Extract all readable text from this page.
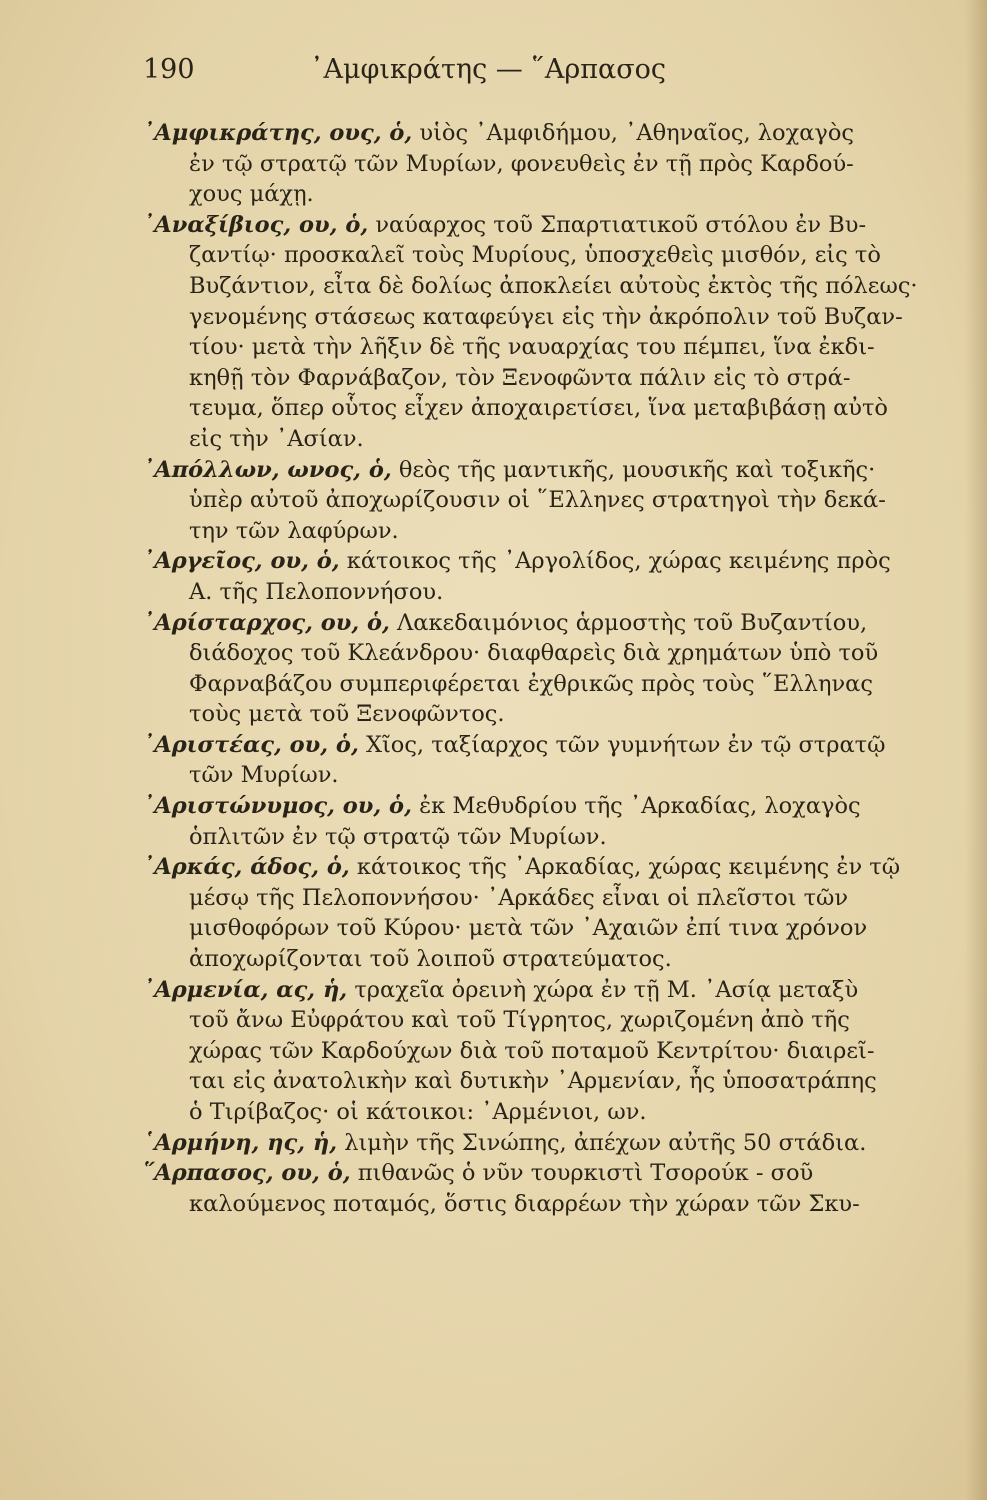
190	᾿Αμφικράτης — ῞Αρπασος
᾿Αμφικράτης, ους, ὁ, υἱὸς ᾿Αμφιδήμου, ᾿Αθηναῖος, λοχαγὸς
ἐν τῷ στρατῷ τῶν Μυρίων, φονευθεὶς ἐν τῇ πρὸς Καρδού-
χους μάχῃ.
᾿Αναξίβιος, ου, ὁ, ναύαρχος τοῦ Σπαρτιατικοῦ στόλου ἐν Βυ-
ζαντίῳ· προσκαλεῖ τοὺς Μυρίους, ὑποσχεθεὶς μισθόν, εἰς τὸ
Βυζάντιον, εἶτα δὲ δολίως ἀποκλείει αὐτοὺς ἐκτὸς τῆς πόλεως·
γενομένης στάσεως καταφεύγει εἰς τὴν ἀκρόπολιν τοῦ Βυζαν-
τίου· μετὰ τὴν λῆξιν δὲ τῆς ναυαρχίας του πέμπει, ἵνα ἐκδι-
κηθῇ τὸν Φαρνάβαζον, τὸν Ξενοφῶντα πάλιν εἰς τὸ στρά-
τευμα, ὅπερ οὗτος εἶχεν ἀποχαιρετίσει, ἵνα μεταβιβάσῃ αὐτὸ
εἰς τὴν ᾿Ασίαν.
᾿Απόλλων, ωνος, ὁ, θεὸς τῆς μαντικῆς, μουσικῆς καὶ τοξικῆς·
ὑπὲρ αὐτοῦ ἀποχωρίζουσιν οἱ ῞Ελληνες στρατηγοὶ τὴν δεκά-
την τῶν λαφύρων.
᾿Αργεῖος, ου, ὁ, κάτοικος τῆς ᾿Αργολίδος, χώρας κειμένης πρὸς
Α. τῆς Πελοποννήσου.
᾿Αρίσταρχος, ου, ὁ, Λακεδαιμόνιος ἁρμοστὴς τοῦ Βυζαντίου,
διάδοχος τοῦ Κλεάνδρου· διαφθαρεὶς διὰ χρημάτων ὑπὸ τοῦ
Φαρναβάζου συμπεριφέρεται ἐχθρικῶς πρὸς τοὺς ῞Ελληνας
τοὺς μετὰ τοῦ Ξενοφῶντος.
᾿Αριστέας, ου, ὁ, Χῖος, ταξίαρχος τῶν γυμνήτων ἐν τῷ στρατῷ
τῶν Μυρίων.
᾿Αριστώνυμος, ου, ὁ, ἐκ Μεθυδρίου τῆς ᾿Αρκαδίας, λοχαγὸς
ὁπλιτῶν ἐν τῷ στρατῷ τῶν Μυρίων.
᾿Αρκάς, άδος, ὁ, κάτοικος τῆς ᾿Αρκαδίας, χώρας κειμένης ἐν τῷ
μέσῳ τῆς Πελοποννήσου· ᾿Αρκάδες εἶναι οἱ πλεῖστοι τῶν
μισθοφόρων τοῦ Κύρου· μετὰ τῶν ᾿Αχαιῶν ἐπί τινα χρόνον
ἀποχωρίζονται τοῦ λοιποῦ στρατεύματος.
᾿Αρμενία, ας, ἡ, τραχεῖα ὀρεινὴ χώρα ἐν τῇ Μ. ᾿Ασίᾳ μεταξὺ
τοῦ ἄνω Εὐφράτου καὶ τοῦ Τίγρητος, χωριζομένη ἀπὸ τῆς
χώρας τῶν Καρδούχων διὰ τοῦ ποταμοῦ Κεντρίτου· διαιρεῖ-
ται εἰς ἀνατολικὴν καὶ δυτικὴν ᾿Αρμενίαν, ἧς ὑποσατράπης
ὁ Τιρίβαζος· οἱ κάτοικοι: ᾿Αρμένιοι, ων.
῾Αρμήνη, ης, ἡ, λιμὴν τῆς Σινώπης, ἀπέχων αὐτῆς 50 στάδια.
῞Αρπασος, ου, ὁ, πιθανῶς ὁ νῦν τουρκιστὶ Τσορούκ - σοῦ
καλούμενος ποταμός, ὅστις διαρρέων τὴν χώραν τῶν Σκυ-
